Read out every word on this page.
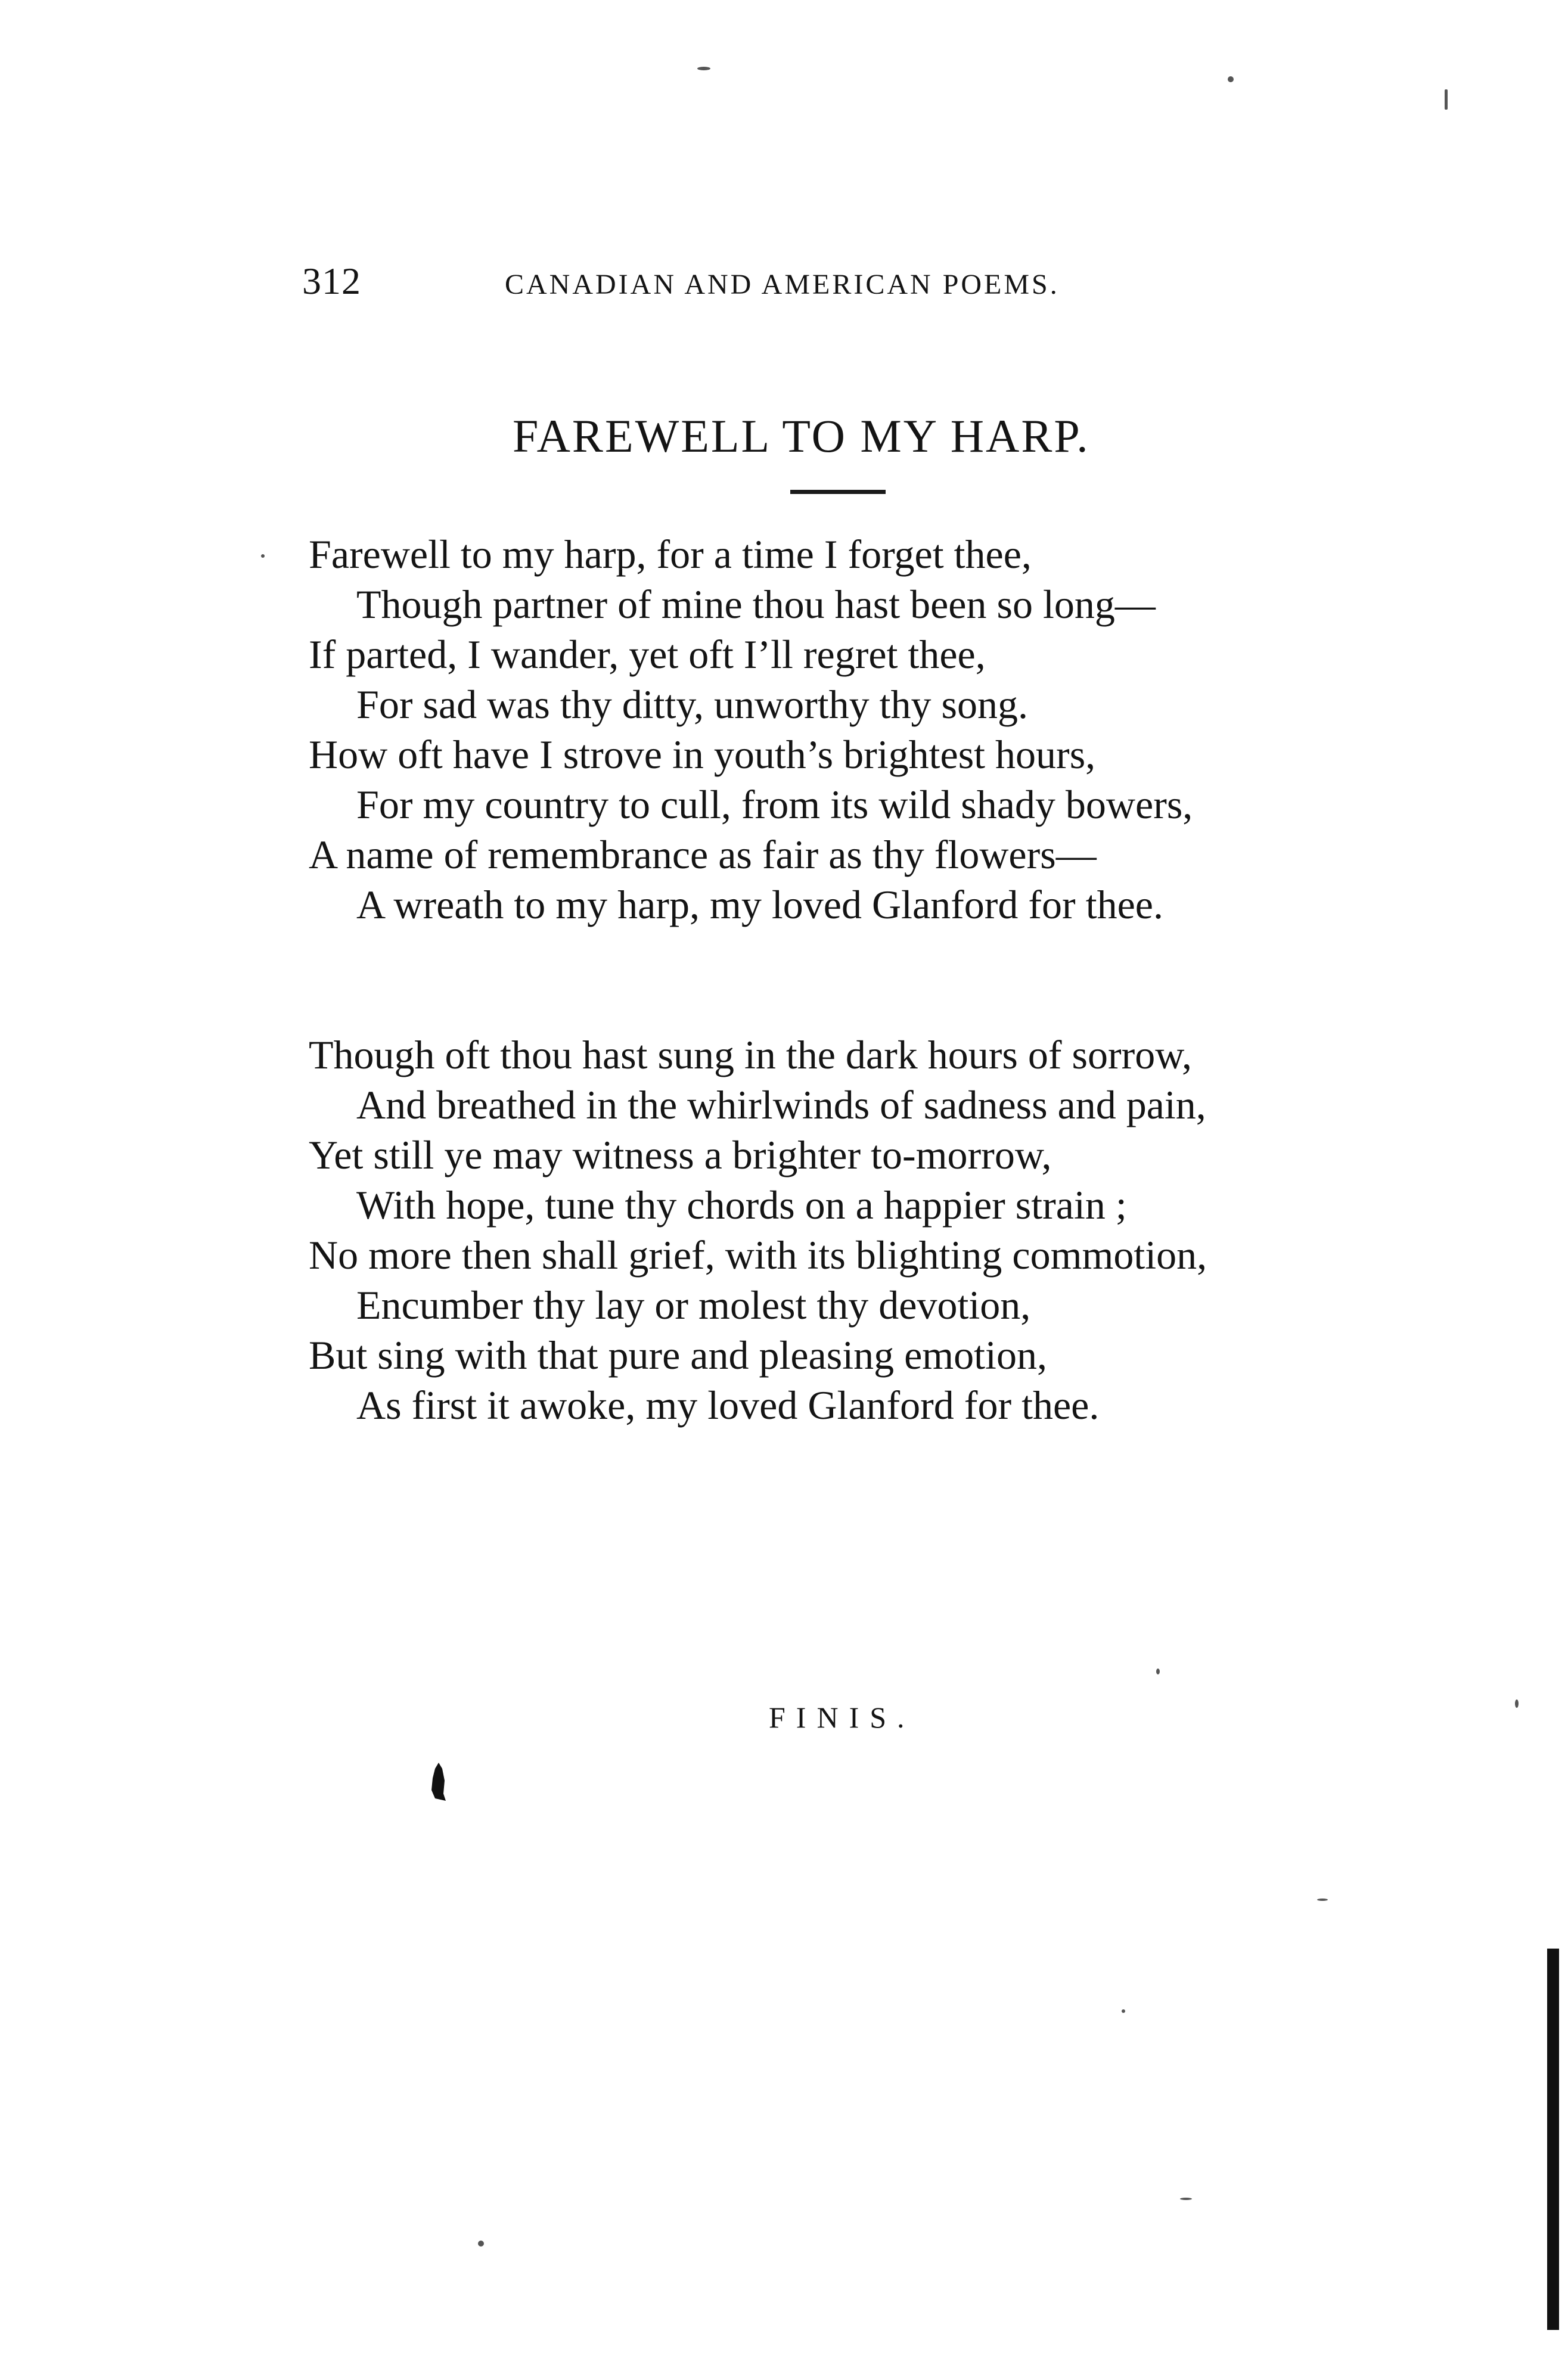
312	CANADIAN AND AMERICAN POEMS.
FAREWELL TO MY HARP.
Farewell to my harp, for a time I forget thee,
Though partner of mine thou hast been so long—
If parted, I wander, yet oft I’ll regret thee,
For sad was thy ditty, unworthy thy song.
How oft have I strove in youth’s brightest hours,
For my country to cull, from its wild shady bowers,
A name of remembrance as fair as thy flowers—
A wreath to my harp, my loved Glanford for thee.
Though oft thou hast sung in the dark hours of sorrow,
And breathed in the whirlwinds of sadness and pain,
Yet still ye may witness a brighter to-morrow,
With hope, tune thy chords on a happier strain ;
No more then shall grief, with its blighting commotion,
Encumber thy lay or molest thy devotion,
But sing with that pure and pleasing emotion,
As first it awoke, my loved Glanford for thee.
FINIS.
